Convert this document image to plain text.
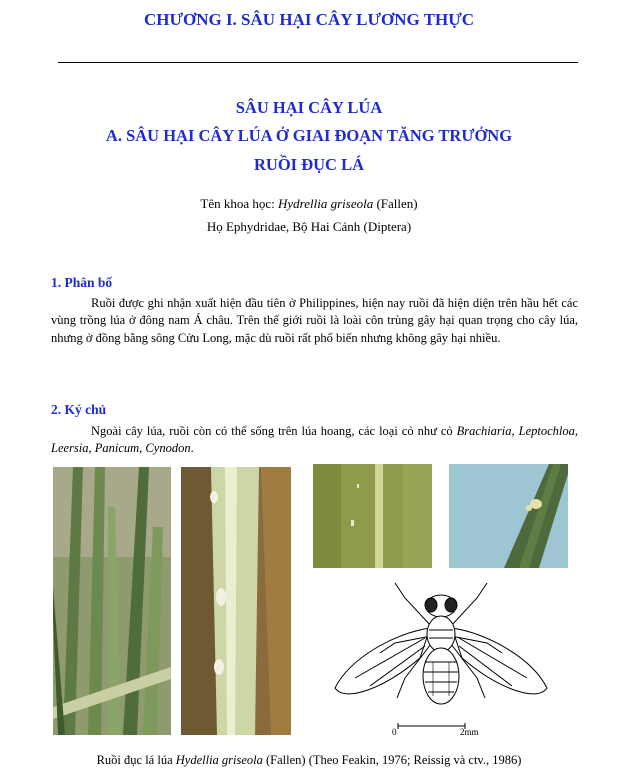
CHƯƠNG I. SÂU HẠI CÂY LƯƠNG THỰC
SÂU HẠI CÂY LÚA
A. SÂU HẠI CÂY LÚA Ở GIAI ĐOẠN TĂNG TRƯỞNG
RUỒI ĐỤC LÁ
Tên khoa học: Hydrellia griseola (Fallen)
Họ Ephydridae, Bộ Hai Cánh (Diptera)
1. Phân bố
Ruồi được ghi nhận xuất hiện đầu tiên ở Philippines, hiện nay ruồi đã hiện diện trên hầu hết các vùng trồng lúa ở đông nam Á châu. Trên thế giới ruồi là loài côn trùng gây hại quan trọng cho cây lúa, nhưng ở đồng bằng sông Cửu Long, mặc dù ruồi rất phổ biến nhưng không gây hại nhiều.
2. Ký chủ
Ngoài cây lúa, ruồi còn có thể sống trên lúa hoang, các loại cỏ như cỏ Brachiaria, Leptochloa, Leersia, Panicum, Cynodon.
0	2mm
Ruồi đục lá lúa Hydellia griseola (Fallen) (Theo Feakin, 1976; Reissig và ctv., 1986)
